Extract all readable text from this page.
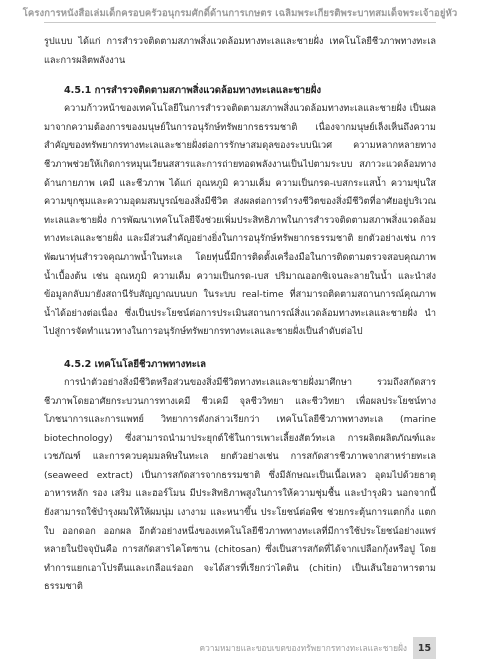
โครงการหนังสือเล่มเด็กครอบครัวอนุกรมศักดิ์ด้านการเกษตร เฉลิมพระเกียรติพระบาทสมเด็จพระเจ้าอยู่หัว

รูปแบบ ได้แก่ การสำรวจติดตามสภาพสิ่งแวดล้อมทางทะเลและชายฝั่ง เทคโนโลยีชีวภาพทางทะเล และการผลิตพลังงาน

4.5.1 การสำรวจติดตามสภาพสิ่งแวดล้อมทางทะเลและชายฝั่ง

ความก้าวหน้าของเทคโนโลยีในการสำรวจติดตามสภาพสิ่งแวดล้อมทางทะเลและชายฝั่ง เป็นผลมาจากความต้องการของมนุษย์ในการอนุรักษ์ทรัพยากรธรรมชาติ เนื่องจากมนุษย์เล็งเห็นถึงความสำคัญของทรัพยากรทางทะเลและชายฝั่งต่อการรักษาสมดุลของระบบนิเวศ ความหลากหลายทางชีวภาพช่วยให้เกิดการหมุนเวียนสสารและการถ่ายทอดพลังงานเป็นไปตามระบบ สภาวะแวดล้อมทางด้านกายภาพ เคมี และชีวภาพ ได้แก่ อุณหภูมิ ความเค็ม ความเป็นกรด-เบสกระแสน้ำ ความขุ่นใส ความขุกชุมและความอุดมสมบูรณ์ของสิ่งมีชีวิต ส่งผลต่อการดำรงชีวิตของสิ่งมีชีวิตที่อาศัยอยู่บริเวณทะเลและชายฝั่ง การพัฒนาเทคโนโลยีจึงช่วยเพิ่มประสิทธิภาพในการสำรวจติดตามสภาพสิ่งแวดล้อมทางทะเลและชายฝั่ง และมีส่วนสำคัญอย่างยิ่งในการอนุรักษ์ทรัพยากรธรรมชาติ ยกตัวอย่างเช่น การพัฒนาทุ่นสำรวจคุณภาพน้ำในทะเล โดยทุ่นนี้มีการติดตั้งเครื่องมือในการติดตามตรวจสอบคุณภาพน้ำเบื้องต้น เช่น อุณหภูมิ ความเค็ม ความเป็นกรด-เบส ปริมาณออกซิเจนละลายในน้ำ และนำส่งข้อมูลกลับมายังสถานีรับสัญญาณบนบก ในระบบ real-time ที่สามารถติดตามสถานการณ์คุณภาพน้ำได้อย่างต่อเนื่อง ซึ่งเป็นประโยชน์ต่อการประเมินสถานการณ์สิ่งแวดล้อมทางทะเลและชายฝั่ง นำไปสู่การจัดทำแนวทางในการอนุรักษ์ทรัพยากรทางทะเลและชายฝั่งเป็นลำดับต่อไป

4.5.2 เทคโนโลยีชีวภาพทางทะเล

การนำตัวอย่างสิ่งมีชีวิตหรือส่วนของสิ่งมีชีวิตทางทะเลและชายฝั่งมาศึกษา รวมถึงสกัดสารชีวภาพโดยอาศัยกระบวนการทางเคมี ชีวเคมี จุลชีววิทยา และชีววิทยา เพื่อผลประโยชน์ทางโภชนาการและการแพทย์ วิทยาการดังกล่าวเรียกว่า เทคโนโลยีชีวภาพทางทะเล (marine biotechnology) ซึ่งสามารถนำมาประยุกต์ใช้ในการเพาะเลี้ยงสัตว์ทะเล การผลิตผลิตภัณฑ์และเวชภัณฑ์ และการควบคุมมลพิษในทะเล ยกตัวอย่างเช่น การสกัดสารชีวภาพจากสาหร่ายทะเล (seaweed extract) เป็นการสกัดสารจากธรรมชาติ ซึ่งมีลักษณะเป็นเนื้อเหลว อุดมไปด้วยธาตุอาหารหลัก รอง เสริม และฮอร์โมน มีประสิทธิภาพสูงในการให้ความชุ่มชื้น และบำรุงผิว นอกจากนี้ยังสามารถใช้บำรุงผมให้ให้ผมนุ่ม เงางาม และหนาขึ้น ประโยชน์ต่อพืช ช่วยกระตุ้นการแตกกิ่ง แตกใบ ออกดอก ออกผล อีกตัวอย่างหนึ่งของเทคโนโลยีชีวภาพทางทะเลที่มีการใช้ประโยชน์อย่างแพร่หลายในปัจจุบันคือ การสกัดสารไคโตซาน (chitosan) ซึ่งเป็นสารสกัดที่ได้จากเปลือกกุ้งหรือปู โดยทำการแยกเอาโปรตีนและเกลือแร่ออก จะได้สารที่เรียกว่าไคติน (chitin) เป็นเส้นใยอาหารตามธรรมชาติ

ความหมายและขอบเขตของทรัพยากรทางทะเลและชายฝั่ง	15
